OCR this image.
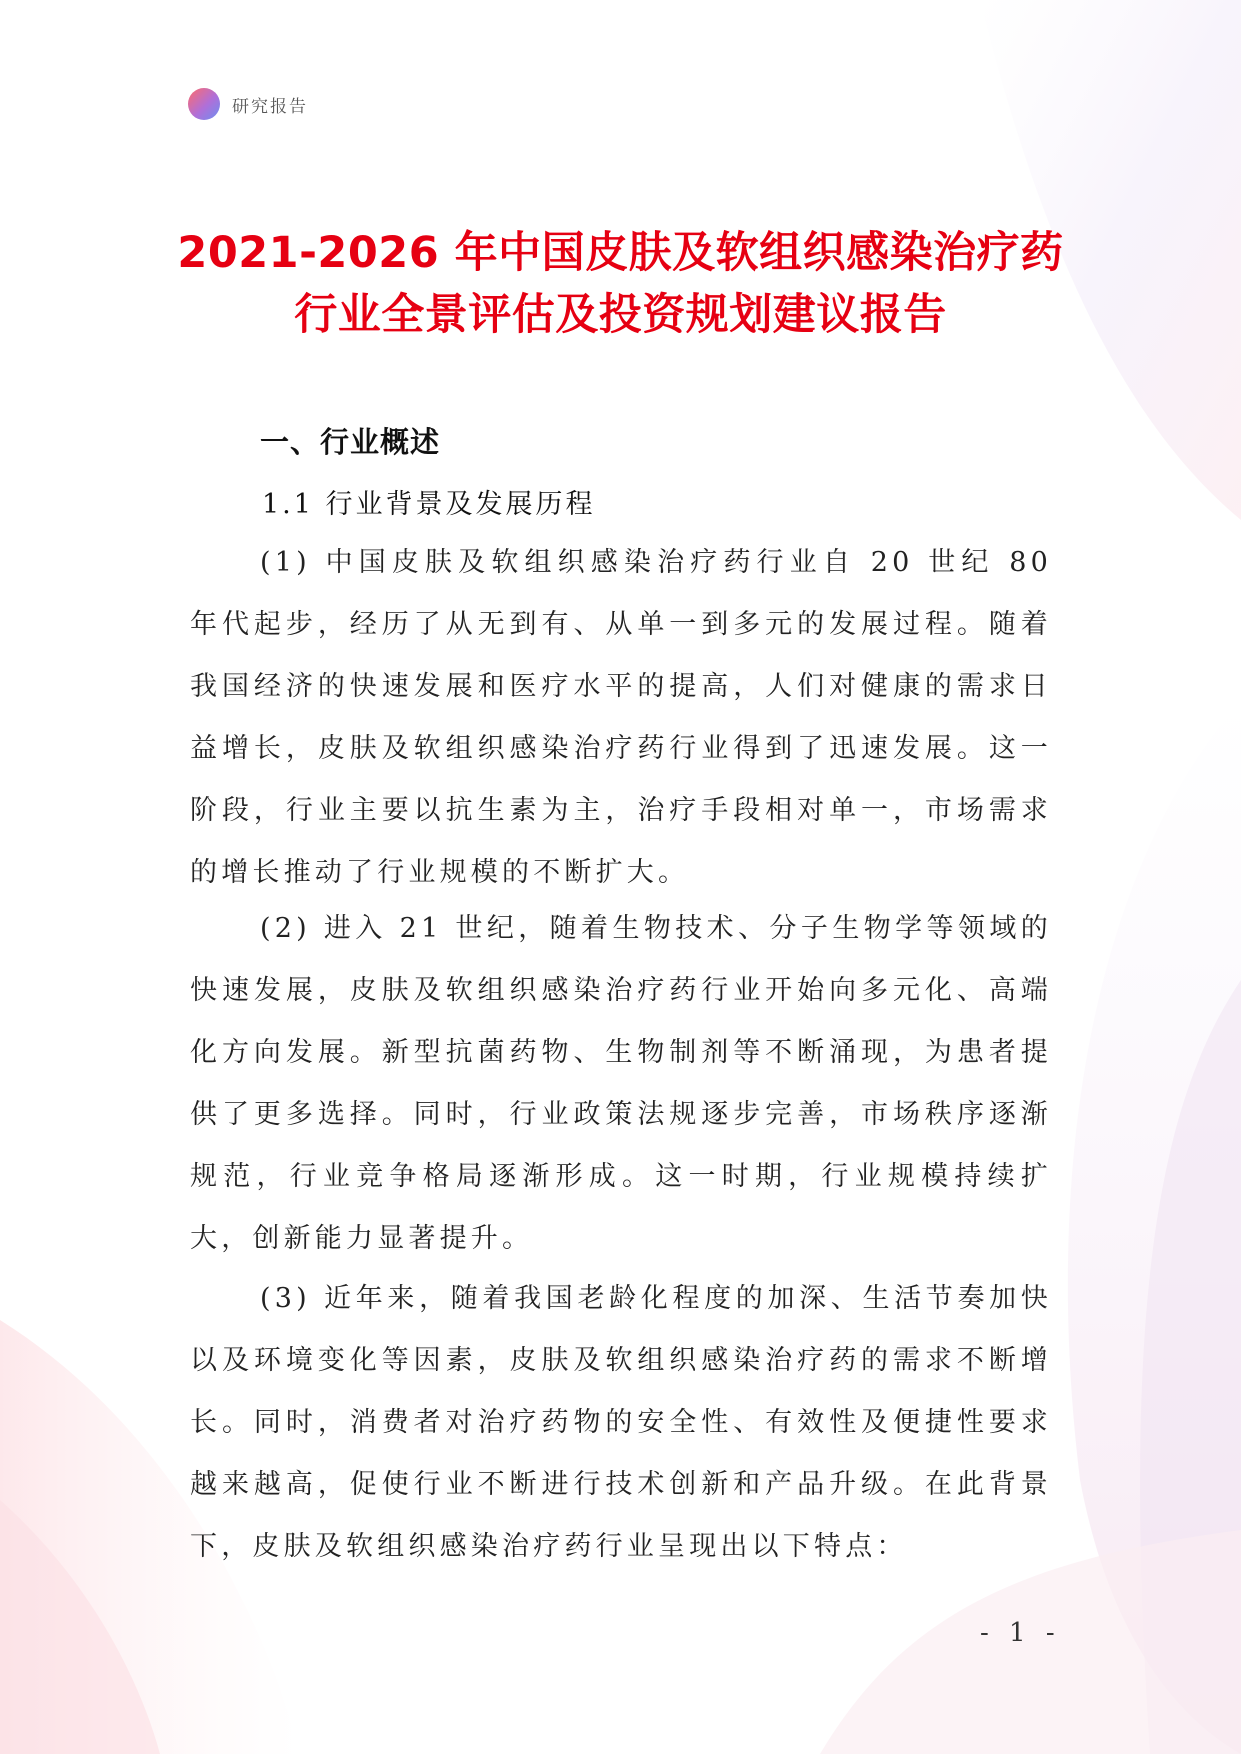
研究报告
2021-2026 年中国皮肤及软组织感染治疗药
行业全景评估及投资规划建议报告
一、行业概述
1.1 行业背景及发展历程

(1) 中国皮肤及软组织感染治疗药行业自 20 世纪 80 年代起步，经历了从无到有、从单一到多元的发展过程。随着我国经济的快速发展和医疗水平的提高，人们对健康的需求日益增长，皮肤及软组织感染治疗药行业得到了迅速发展。这一阶段，行业主要以抗生素为主，治疗手段相对单一，市场需求的增长推动了行业规模的不断扩大。

(2) 进入 21 世纪，随着生物技术、分子生物学等领域的快速发展，皮肤及软组织感染治疗药行业开始向多元化、高端化方向发展。新型抗菌药物、生物制剂等不断涌现，为患者提供了更多选择。同时，行业政策法规逐步完善，市场秩序逐渐规范，行业竞争格局逐渐形成。这一时期，行业规模持续扩大，创新能力显著提升。

(3) 近年来，随着我国老龄化程度的加深、生活节奏加快以及环境变化等因素，皮肤及软组织感染治疗药的需求不断增长。同时，消费者对治疗药物的安全性、有效性及便捷性要求越来越高，促使行业不断进行技术创新和产品升级。在此背景下，皮肤及软组织感染治疗药行业呈现出以下特点：

- 1 -
